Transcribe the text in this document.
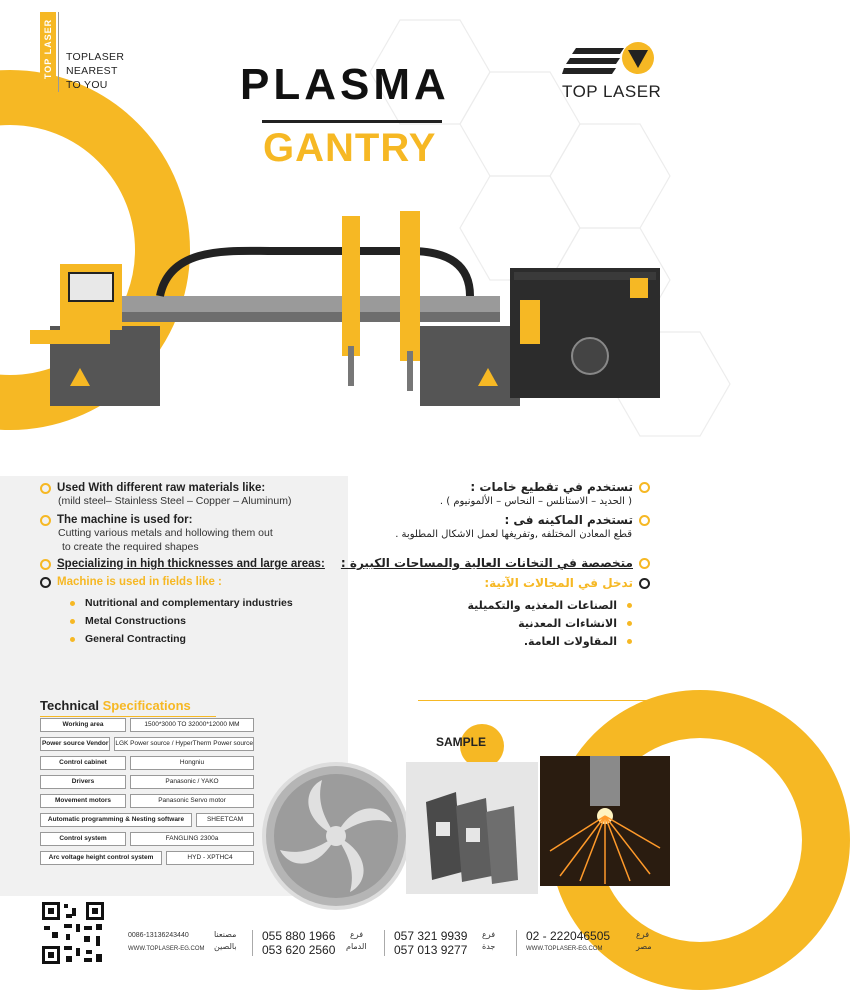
TOP LASER TOPLASER
NEAREST
TO YOU	TOP LASER
PLASMA
GANTRY
Used With different raw materials like:
(mild steel– Stainless Steel – Copper – Aluminum)
The machine is used for:
Cutting various metals and hollowing them out
to create the required shapes
Specializing in high thicknesses and large areas:
Machine is used in fields like :
Nutritional and complementary industries
Metal Constructions
General Contracting
تستخدم في تقطيع خامات :
( الحديد – الاستانلس – النحاس – الألمونيوم ) .
تستخدم الماكينه فى :
قطع المعادن المختلفه ,وتفريغها لعمل الاشكال المطلوبة .
متخصصة في التخانات العالية والمساحات الكبيرة :
تدخل في المجالات الآتية:
الصناعات المغذيه والتكميلية
الانشاءات المعدنية
المقاولات العامة.
Technical Specifications
Working area	1500*3000 TO 32000*12000 MM
Power source Vendor	LGK Power source / HyperTherm Power source
Control cabinet	Hongniu
Drivers	Panasonic / YAKO
Movement motors	Panasonic Servo motor
Automatic programming & Nesting software	SHEETCAM
Control system	FANGLING 2300a
Arc voltage height control system	HYD - XPTHC4
SAMPLE
0086-13136243440
WWW.TOPLASER-EG.COM
مصنعنا
بالصين
055 880 1966
053 620 2560
فرع
الدمام
057 321 9939
057 013 9277
فرع
جدة
02 - 222046505
WWW.TOPLASER-EG.COM
فرع
مصر
